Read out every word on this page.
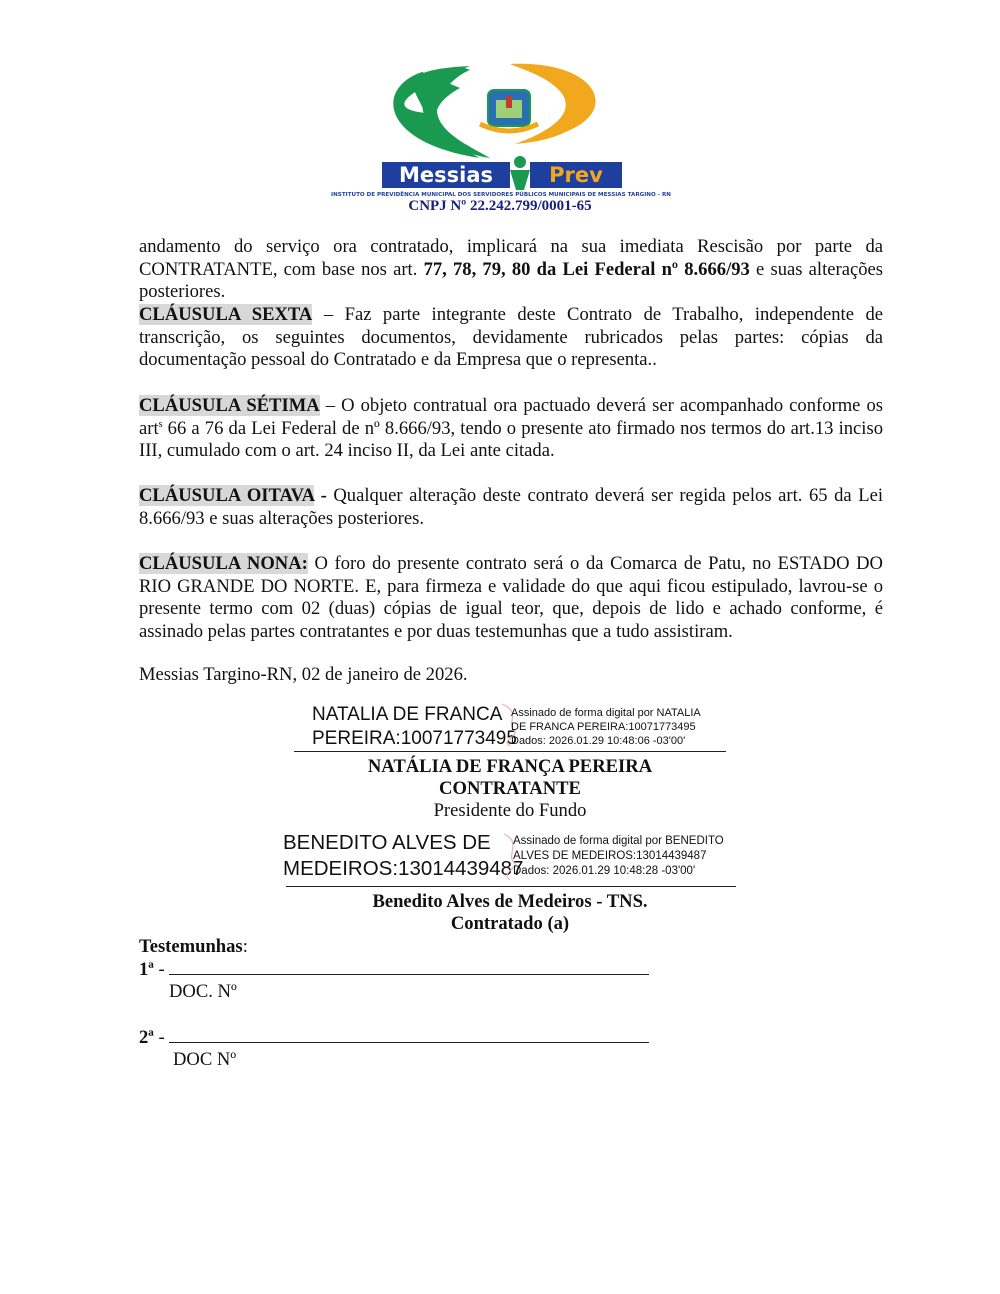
Messias	Prev
INSTITUTO DE PREVIDÊNCIA MUNICIPAL DOS SERVIDORES PÚBLICOS MUNICIPAIS DE MESSIAS TARGINO - RN
CNPJ Nº 22.242.799/0001-65

andamento do serviço ora contratado, implicará na sua imediata Rescisão por parte da CONTRATANTE, com base nos art. 77, 78, 79, 80 da Lei Federal nº 8.666/93 e suas alterações posteriores.

CLÁUSULA SEXTA – Faz parte integrante deste Contrato de Trabalho, independente de transcrição, os seguintes documentos, devidamente rubricados pelas partes: cópias da documentação pessoal do Contratado e da Empresa que o representa..

CLÁUSULA SÉTIMA – O objeto contratual ora pactuado deverá ser acompanhado conforme os art$^s$ 66 a 76 da Lei Federal de nº 8.666/93, tendo o presente ato firmado nos termos do art.13 inciso III, cumulado com o art. 24 inciso II, da Lei ante citada.

CLÁUSULA OITAVA - Qualquer alteração deste contrato deverá ser regida pelos art. 65 da Lei 8.666/93 e suas alterações posteriores.

CLÁUSULA NONA: O foro do presente contrato será o da Comarca de Patu, no ESTADO DO RIO GRANDE DO NORTE. E, para firmeza e validade do que aqui ficou estipulado, lavrou-se o presente termo com 02 (duas) cópias de igual teor, que, depois de lido e achado conforme, é assinado pelas partes contratantes e por duas testemunhas que a tudo assistiram.

Messias Targino-RN, 02 de janeiro de 2026.
NATALIA DE FRANCA
PEREIRA:10071773495
Assinado de forma digital por NATALIA
DE FRANCA PEREIRA:10071773495
Dados: 2026.01.29 10:48:06 -03'00'
NATÁLIA DE FRANÇA PEREIRA
CONTRATANTE
Presidente do Fundo
BENEDITO ALVES DE
MEDEIROS:13014439487
Assinado de forma digital por BENEDITO
ALVES DE MEDEIROS:13014439487
Dados: 2026.01.29 10:48:28 -03'00'
Benedito Alves de Medeiros - TNS.
Contratado (a)
Testemunhas:
1ª -
DOC. Nº
2ª -
DOC Nº
